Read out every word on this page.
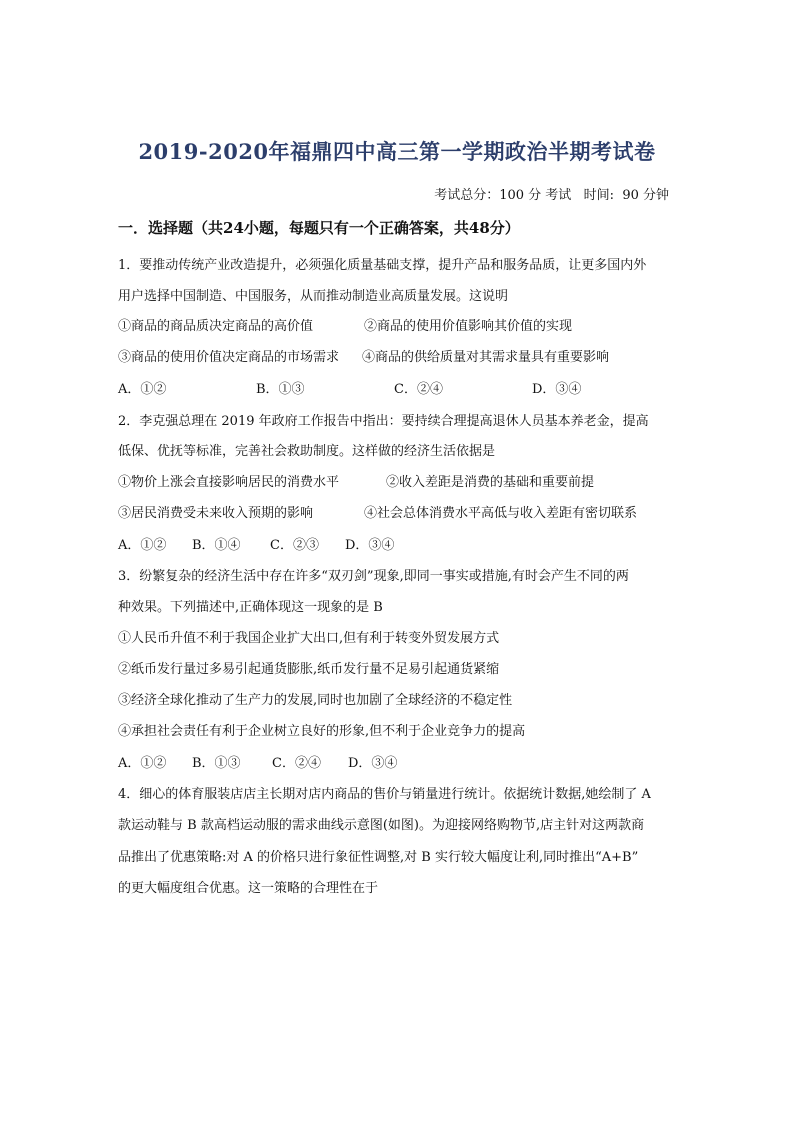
2019-2020年福鼎四中高三第一学期政治半期考试卷
考试总分：100 分 考试   时间:  90 分钟
一．选择题（共24小题，每题只有一个正确答案，共48分）
1．要推动传统产业改造提升，必须强化质量基础支撑，提升产品和服务品质，让更多国内外
用户选择中国制造、中国服务，从而推动制造业高质量发展。这说明
①商品的商品质决定商品的高价值	②商品的使用价值影响其价值的实现
③商品的使用价值决定商品的市场需求 ④商品的供给质量对其需求量具有重要影响
A．①②	B．①③	C．②④	D．③④
2．李克强总理在 2019 年政府工作报告中指出：要持续合理提高退休人员基本养老金，提高
低保、优抚等标准，完善社会救助制度。这样做的经济生活依据是
①物价上涨会直接影响居民的消费水平	②收入差距是消费的基础和重要前提
③居民消费受未来收入预期的影响	④社会总体消费水平高低与收入差距有密切联系
A．①② B．①④ C．②③ D．③④
3．纷繁复杂的经济生活中存在许多“双刃剑”现象,即同一事实或措施,有时会产生不同的两
种效果。下列描述中,正确体现这一现象的是 B
①人民币升值不利于我国企业扩大出口,但有利于转变外贸发展方式
②纸币发行量过多易引起通货膨胀,纸币发行量不足易引起通货紧缩
③经济全球化推动了生产力的发展,同时也加剧了全球经济的不稳定性
④承担社会责任有利于企业树立良好的形象,但不利于企业竞争力的提高
A．①② B．①③ C．②④ D．③④
4．细心的体育服装店店主长期对店内商品的售价与销量进行统计。依据统计数据,她绘制了 A
款运动鞋与 B 款高档运动服的需求曲线示意图(如图)。为迎接网络购物节,店主针对这两款商
品推出了优惠策略:对 A 的价格只进行象征性调整,对 B 实行较大幅度让利,同时推出“A+B”
的更大幅度组合优惠。这一策略的合理性在于
